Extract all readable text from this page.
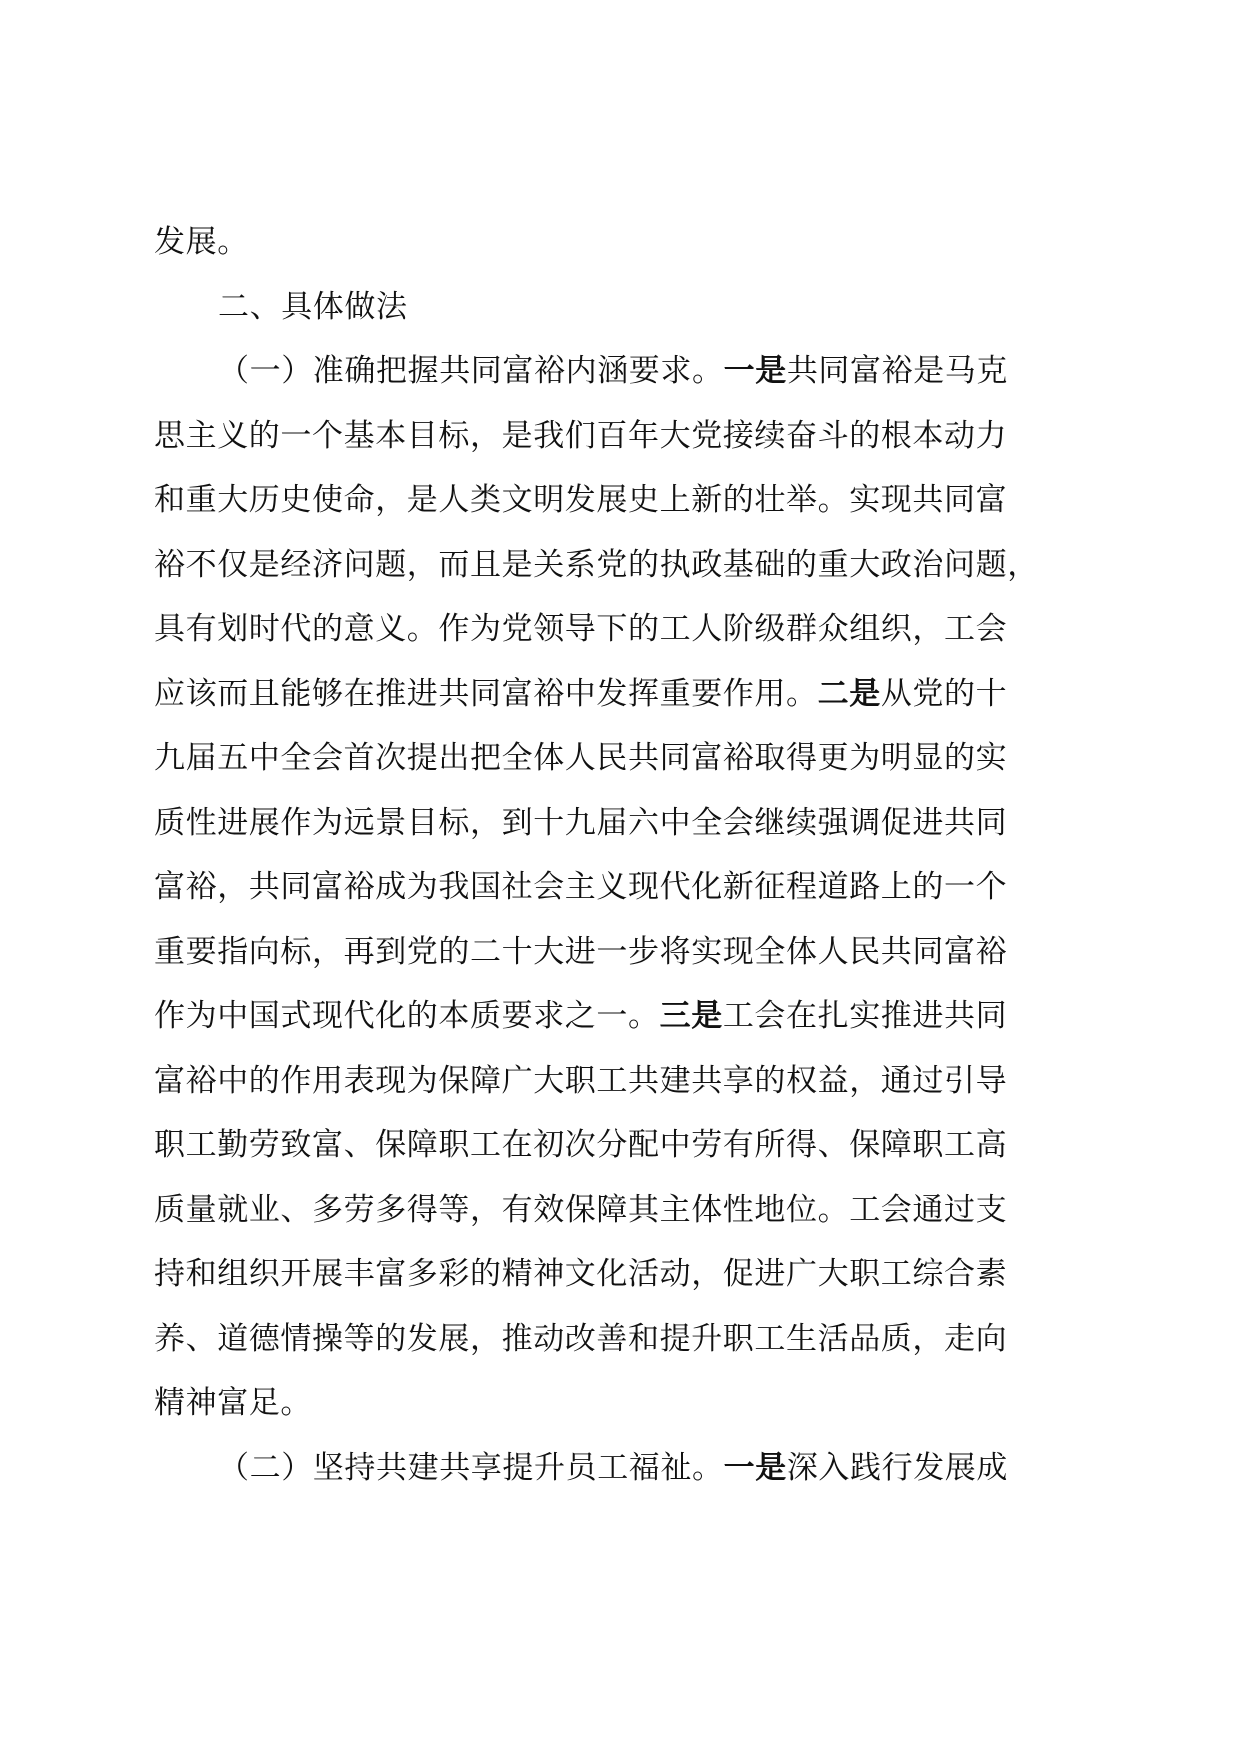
发展。
二、具体做法
（一）准确把握共同富裕内涵要求。一是共同富裕是马克
思主义的一个基本目标，是我们百年大党接续奋斗的根本动力
和重大历史使命，是人类文明发展史上新的壮举。实现共同富
裕不仅是经济问题，而且是关系党的执政基础的重大政治问题，
具有划时代的意义。作为党领导下的工人阶级群众组织，工会
应该而且能够在推进共同富裕中发挥重要作用。二是从党的十
九届五中全会首次提出把全体人民共同富裕取得更为明显的实
质性进展作为远景目标，到十九届六中全会继续强调促进共同
富裕，共同富裕成为我国社会主义现代化新征程道路上的一个
重要指向标，再到党的二十大进一步将实现全体人民共同富裕
作为中国式现代化的本质要求之一。三是工会在扎实推进共同
富裕中的作用表现为保障广大职工共建共享的权益，通过引导
职工勤劳致富、保障职工在初次分配中劳有所得、保障职工高
质量就业、多劳多得等，有效保障其主体性地位。工会通过支
持和组织开展丰富多彩的精神文化活动，促进广大职工综合素
养、道德情操等的发展，推动改善和提升职工生活品质，走向
精神富足。
（二）坚持共建共享提升员工福祉。一是深入践行发展成
